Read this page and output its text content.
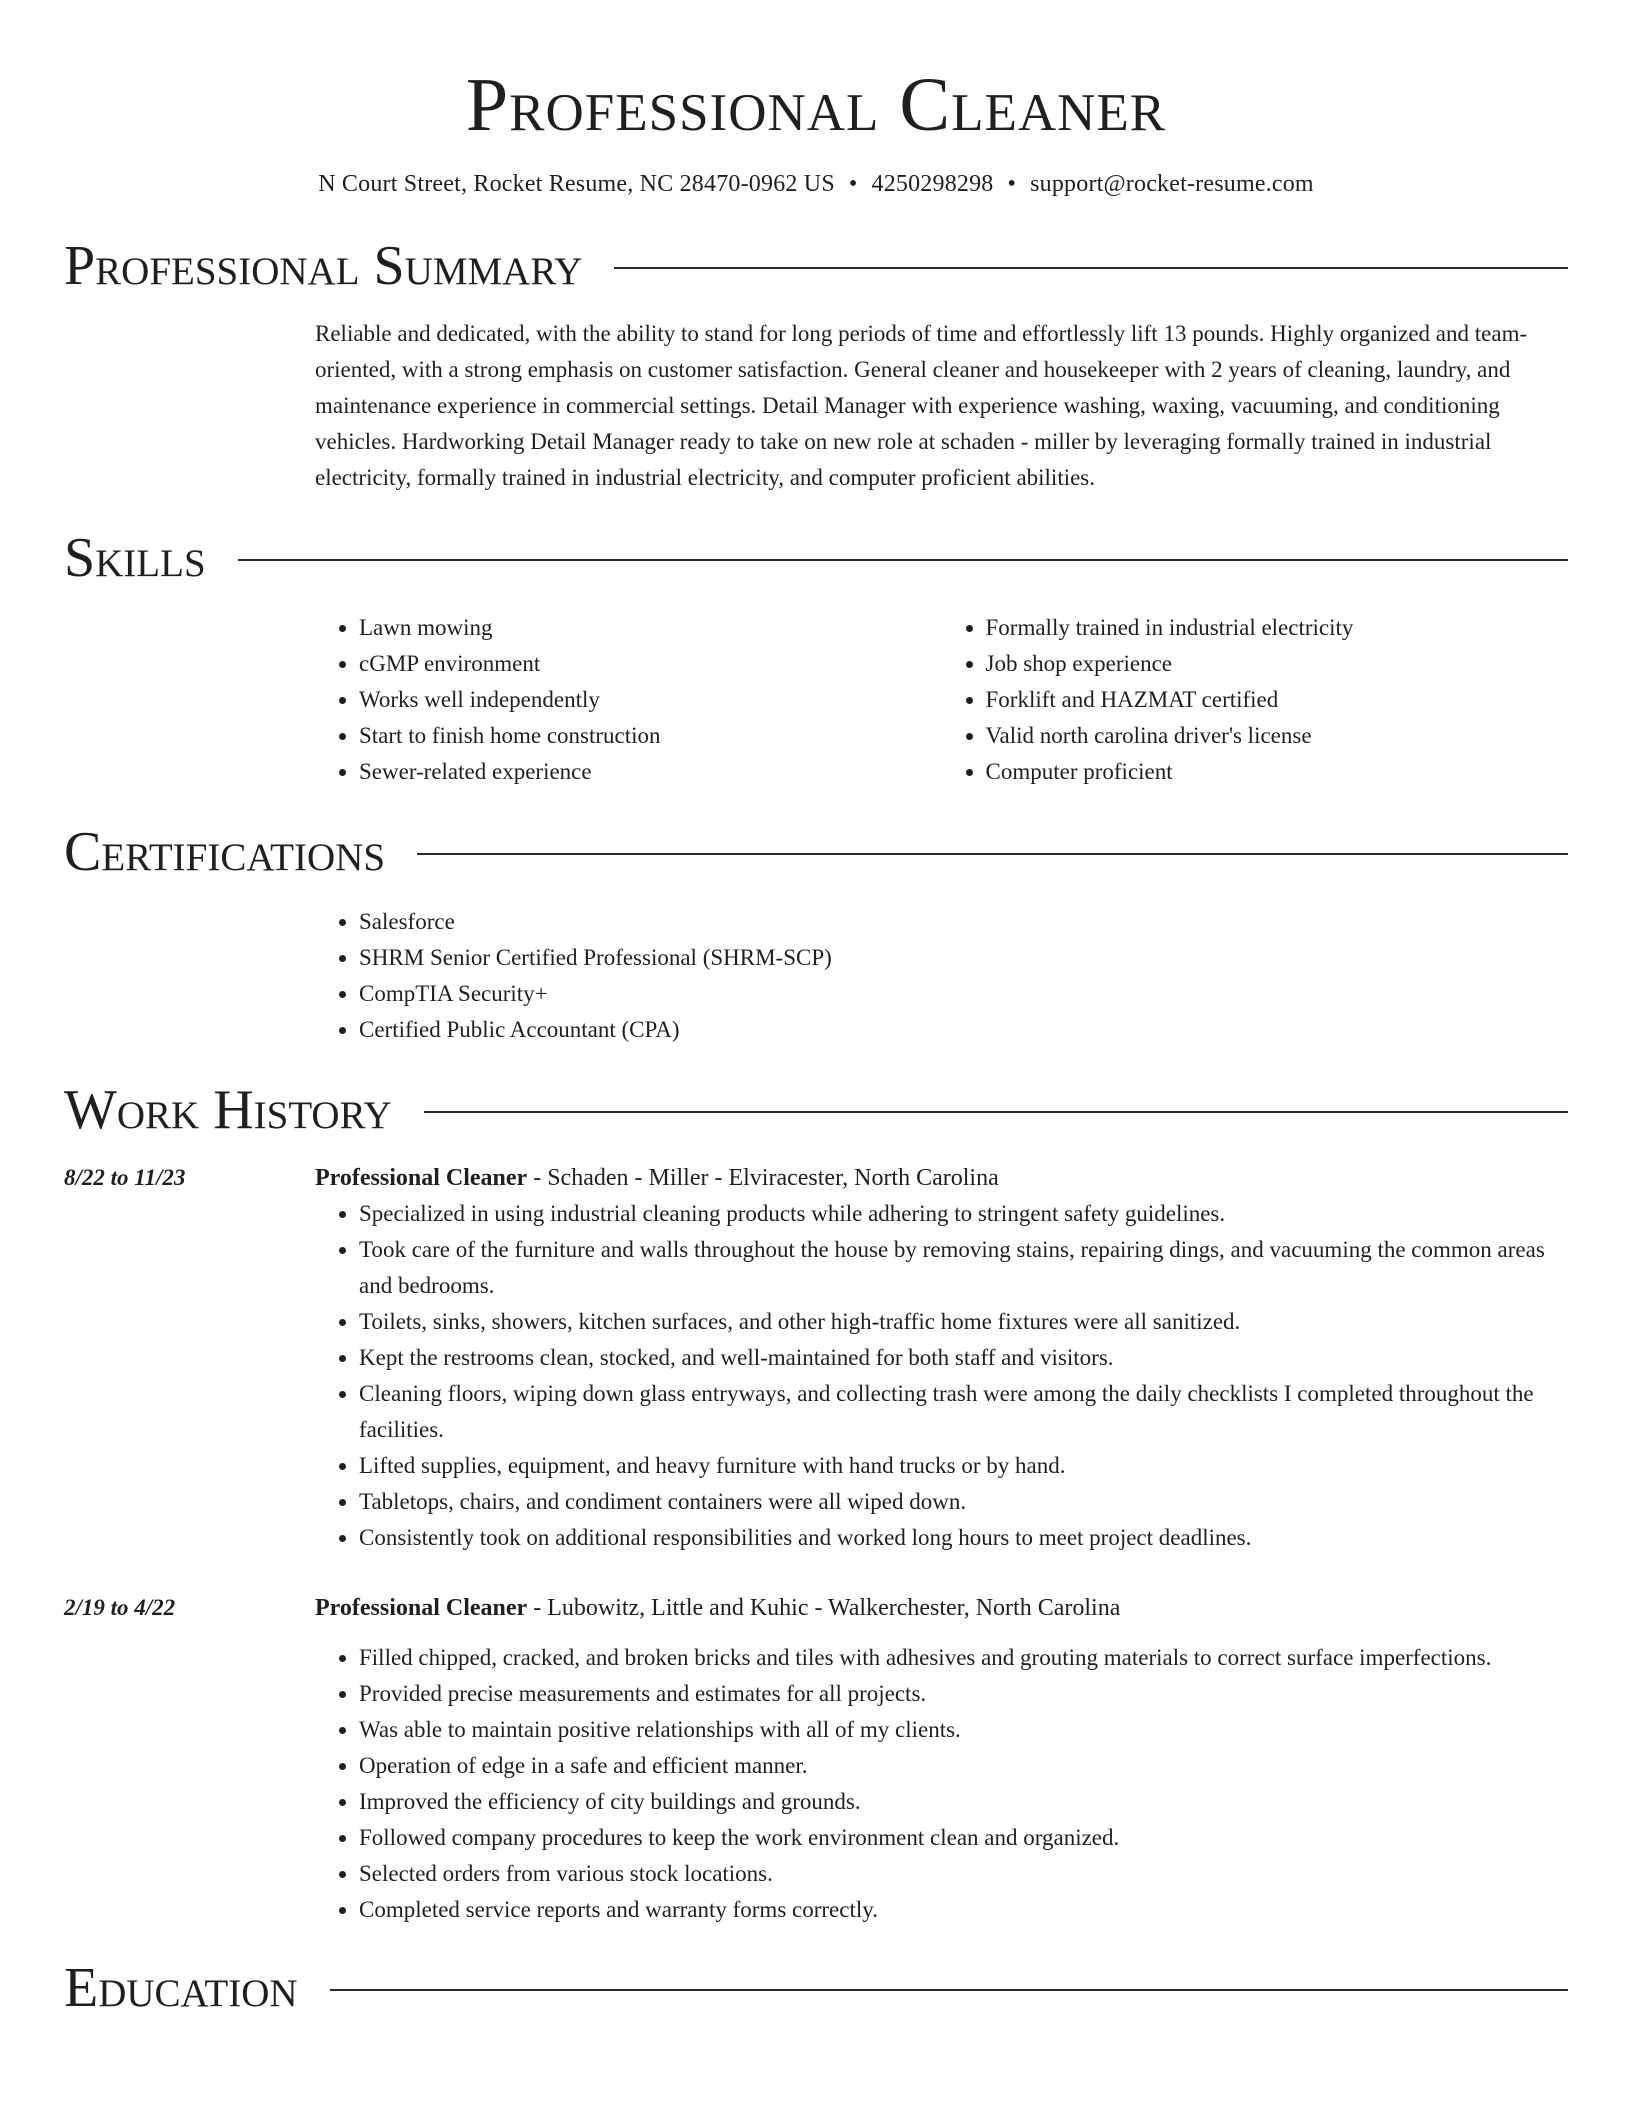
Professional Cleaner
N Court Street, Rocket Resume, NC 28470-0962 US • 4250298298 • support@rocket-resume.com
Professional Summary

Reliable and dedicated, with the ability to stand for long periods of time and effortlessly lift 13 pounds. Highly organized and team-oriented, with a strong emphasis on customer satisfaction. General cleaner and housekeeper with 2 years of cleaning, laundry, and maintenance experience in commercial settings. Detail Manager with experience washing, waxing, vacuuming, and conditioning vehicles. Hardworking Detail Manager ready to take on new role at schaden - miller by leveraging formally trained in industrial electricity, formally trained in industrial electricity, and computer proficient abilities.

Skills
• Lawn mowing
• cGMP environment
• Works well independently
• Start to finish home construction
• Sewer-related experience
• Formally trained in industrial electricity
• Job shop experience
• Forklift and HAZMAT certified
• Valid north carolina driver's license
• Computer proficient
Certifications
• Salesforce
• SHRM Senior Certified Professional (SHRM-SCP)
• CompTIA Security+
• Certified Public Accountant (CPA)
Work History
8/22 to 11/23	Professional Cleaner - Schaden - Miller - Elviracester, North Carolina
• Specialized in using industrial cleaning products while adhering to stringent safety guidelines.
• Took care of the furniture and walls throughout the house by removing stains, repairing dings, and vacuuming the common areas and bedrooms.
• Toilets, sinks, showers, kitchen surfaces, and other high-traffic home fixtures were all sanitized.
• Kept the restrooms clean, stocked, and well-maintained for both staff and visitors.
• Cleaning floors, wiping down glass entryways, and collecting trash were among the daily checklists I completed throughout the facilities.
• Lifted supplies, equipment, and heavy furniture with hand trucks or by hand.
• Tabletops, chairs, and condiment containers were all wiped down.
• Consistently took on additional responsibilities and worked long hours to meet project deadlines.
2/19 to 4/22	Professional Cleaner - Lubowitz, Little and Kuhic - Walkerchester, North Carolina
• Filled chipped, cracked, and broken bricks and tiles with adhesives and grouting materials to correct surface imperfections.
• Provided precise measurements and estimates for all projects.
• Was able to maintain positive relationships with all of my clients.
• Operation of edge in a safe and efficient manner.
• Improved the efficiency of city buildings and grounds.
• Followed company procedures to keep the work environment clean and organized.
• Selected orders from various stock locations.
• Completed service reports and warranty forms correctly.
Education
